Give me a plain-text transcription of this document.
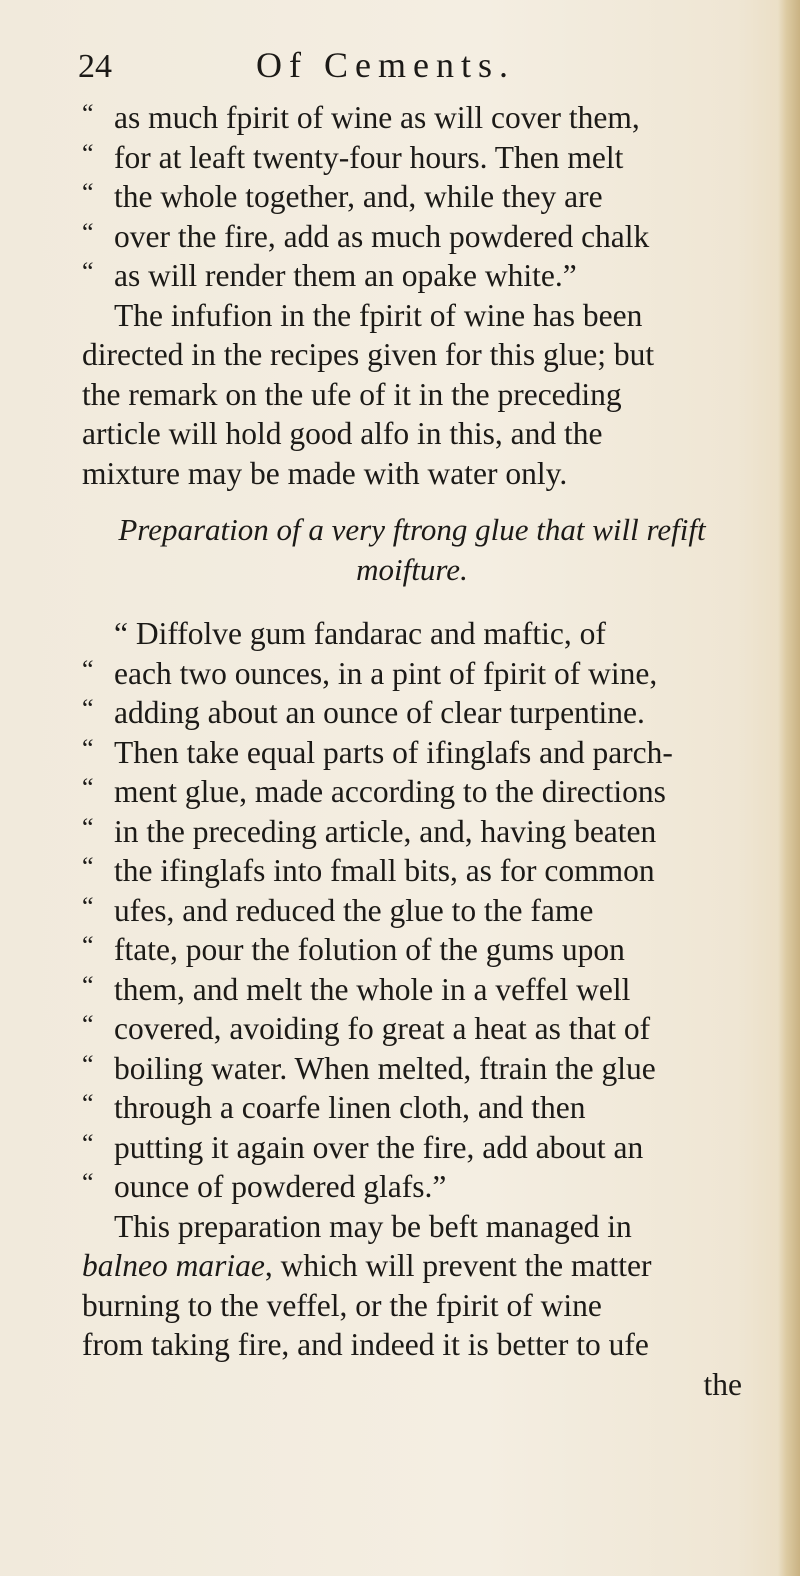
24	Of Cements.
“ as much fpirit of wine as will cover them,
“ for at leaft twenty-four hours. Then melt
“ the whole together, and, while they are
“ over the fire, add as much powdered chalk
“ as will render them an opake white.”
The infufion in the fpirit of wine has been
directed in the recipes given for this glue; but
the remark on the ufe of it in the preceding
article will hold good alfo in this, and the
mixture may be made with water only.
Preparation of a very ftrong glue that will refift
moifture.
“ Diffolve gum fandarac and maftic, of
“ each two ounces, in a pint of fpirit of wine,
“ adding about an ounce of clear turpentine.
“ Then take equal parts of ifinglafs and parch-
“ ment glue, made according to the directions
“ in the preceding article, and, having beaten
“ the ifinglafs into fmall bits, as for common
“ ufes, and reduced the glue to the fame
“ ftate, pour the folution of the gums upon
“ them, and melt the whole in a veffel well
“ covered, avoiding fo great a heat as that of
“ boiling water. When melted, ftrain the glue
“ through a coarfe linen cloth, and then
“ putting it again over the fire, add about an
“ ounce of powdered glafs.”
This preparation may be beft managed in
balneo mariae, which will prevent the matter
burning to the veffel, or the fpirit of wine
from taking fire, and indeed it is better to ufe
the
